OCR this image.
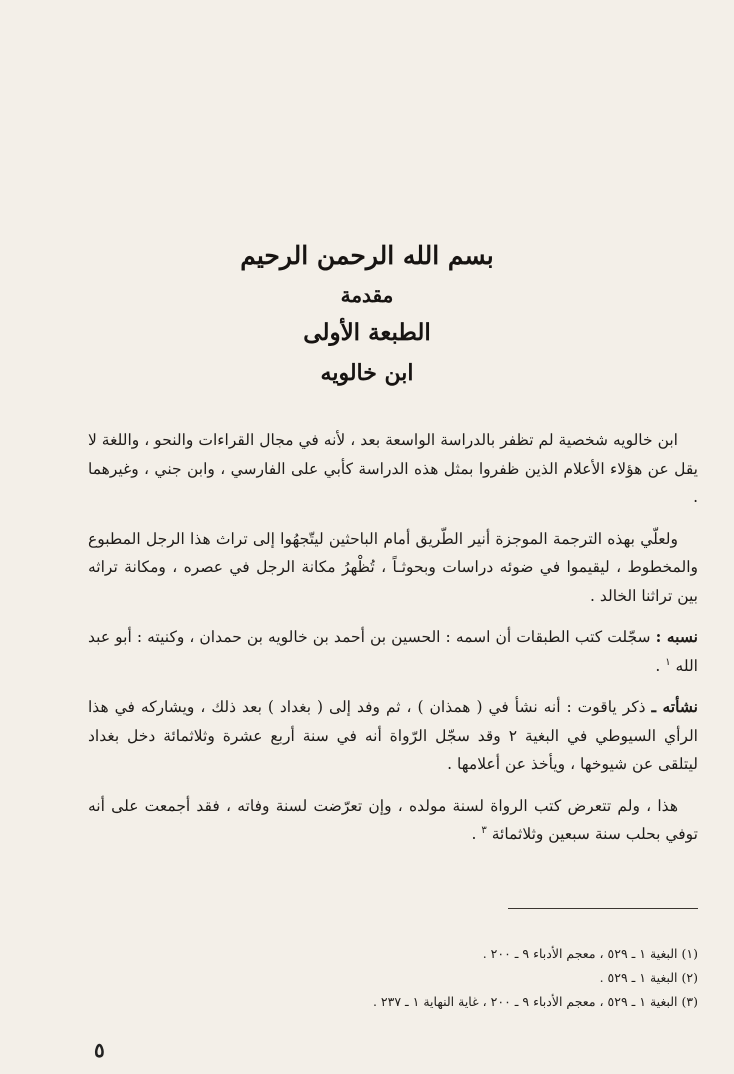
بسم الله الرحمن الرحيم
مقدمة
الطبعة الأولى
ابن خالويه

ابن خالويه شخصية لم تظفر بالدراسة الواسعة بعد ، لأنه في مجال القراءات والنحو ، واللغة لا يقل عن هؤلاء الأعلام الذين ظفروا بمثل هذه الدراسة كأبي على الفارسي ، وابن جني ، وغيرهما .

ولعلّي بهذه الترجمة الموجزة أنير الطّريق أمام الباحثين ليتّجهُوا إلى تراث هذا الرجل المطبوع والمخطوط ، ليقيموا في ضوئه دراسات وبحوثـاً ، تُظْهرُ مكانة الرجل في عصره ، ومكانة تراثه بين تراثنا الخالد .

نسبه : سجّلت كتب الطبقات أن اسمه : الحسين بن أحمد بن خالويه بن حمدان ، وكنيته : أبو عبد الله $^١$ .

نشأته ـ ذكر ياقوت : أنه نشأ في ( همذان ) ، ثم وفد إلى ( بغداد ) بعد ذلك ، ويشاركه في هذا الرأي السيوطي في البغية ٢ وقد سجّل الرّواة أنه في سنة أربع عشرة وثلاثمائة دخل بغداد ليتلقى عن شيوخها ، ويأخذ عن أعلامها .

هذا ، ولم تتعرض كتب الرواة لسنة مولده ، وإن تعرّضت لسنة وفاته ، فقد أجمعت على أنه توفي بحلب سنة سبعين وثلاثمائة $^٣$ .

(١) البغية ١ ـ ٥٢٩ ، معجم الأدباء ٩ ـ ٢٠٠ .
(٢) البغية ١ ـ ٥٢٩ .
(٣) البغية ١ ـ ٥٢٩ ، معجم الأدباء ٩ ـ ٢٠٠ ، غاية النهاية ١ ـ ٢٣٧ .
٥
